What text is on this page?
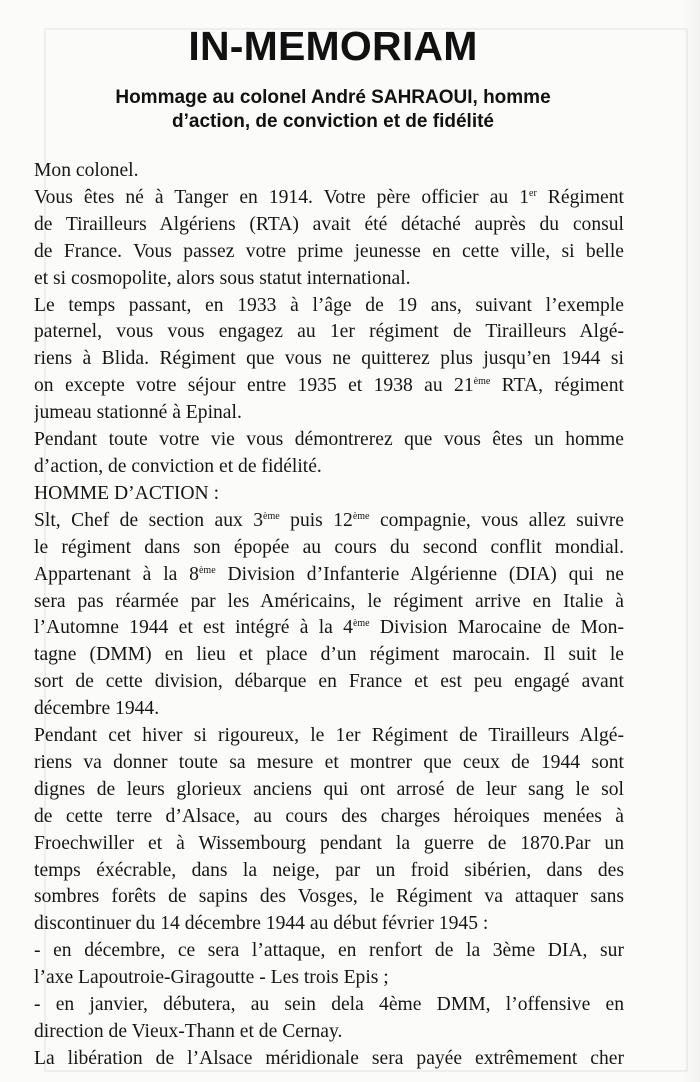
IN-MEMORIAM
Hommage au colonel André SAHRAOUI, homme
d’action, de conviction et de fidélité
Mon colonel.
Vous êtes né à Tanger en 1914. Votre père officier au 1er Régiment
de Tirailleurs Algériens (RTA) avait été détaché auprès du consul
de France. Vous passez votre prime jeunesse en cette ville, si belle
et si cosmopolite, alors sous statut international.
Le temps passant, en 1933 à l’âge de 19 ans, suivant l’exemple
paternel, vous vous engagez au 1er régiment de Tirailleurs Algé-
riens à Blida. Régiment que vous ne quitterez plus jusqu’en 1944 si
on excepte votre séjour entre 1935 et 1938 au 21ème RTA, régiment
jumeau stationné à Epinal.
Pendant toute votre vie vous démontrerez que vous êtes un homme
d’action, de conviction et de fidélité.
HOMME D’ACTION :
Slt, Chef de section aux 3ème puis 12ème compagnie, vous allez suivre
le régiment dans son épopée au cours du second conflit mondial.
Appartenant à la 8ème Division d’Infanterie Algérienne (DIA) qui ne
sera pas réarmée par les Américains, le régiment arrive en Italie à
l’Automne 1944 et est intégré à la 4ème Division Marocaine de Mon-
tagne (DMM) en lieu et place d’un régiment marocain. Il suit le
sort de cette division, débarque en France et est peu engagé avant
décembre 1944.
Pendant cet hiver si rigoureux, le 1er Régiment de Tirailleurs Algé-
riens va donner toute sa mesure et montrer que ceux de 1944 sont
dignes de leurs glorieux anciens qui ont arrosé de leur sang le sol
de cette terre d’Alsace, au cours des charges héroiques menées à
Froechwiller et à Wissembourg pendant la guerre de 1870.Par un
temps éxécrable, dans la neige, par un froid sibérien, dans des
sombres forêts de sapins des Vosges, le Régiment va attaquer sans
discontinuer du 14 décembre 1944 au début février 1945 :
- en décembre, ce sera l’attaque, en renfort de la 3ème DIA, sur
l’axe Lapoutroie-Giragoutte - Les trois Epis ;
- en janvier, débutera, au sein dela 4ème DMM, l’offensive en
direction de Vieux-Thann et de Cernay.
La libération de l’Alsace méridionale sera payée extrêmement cher
